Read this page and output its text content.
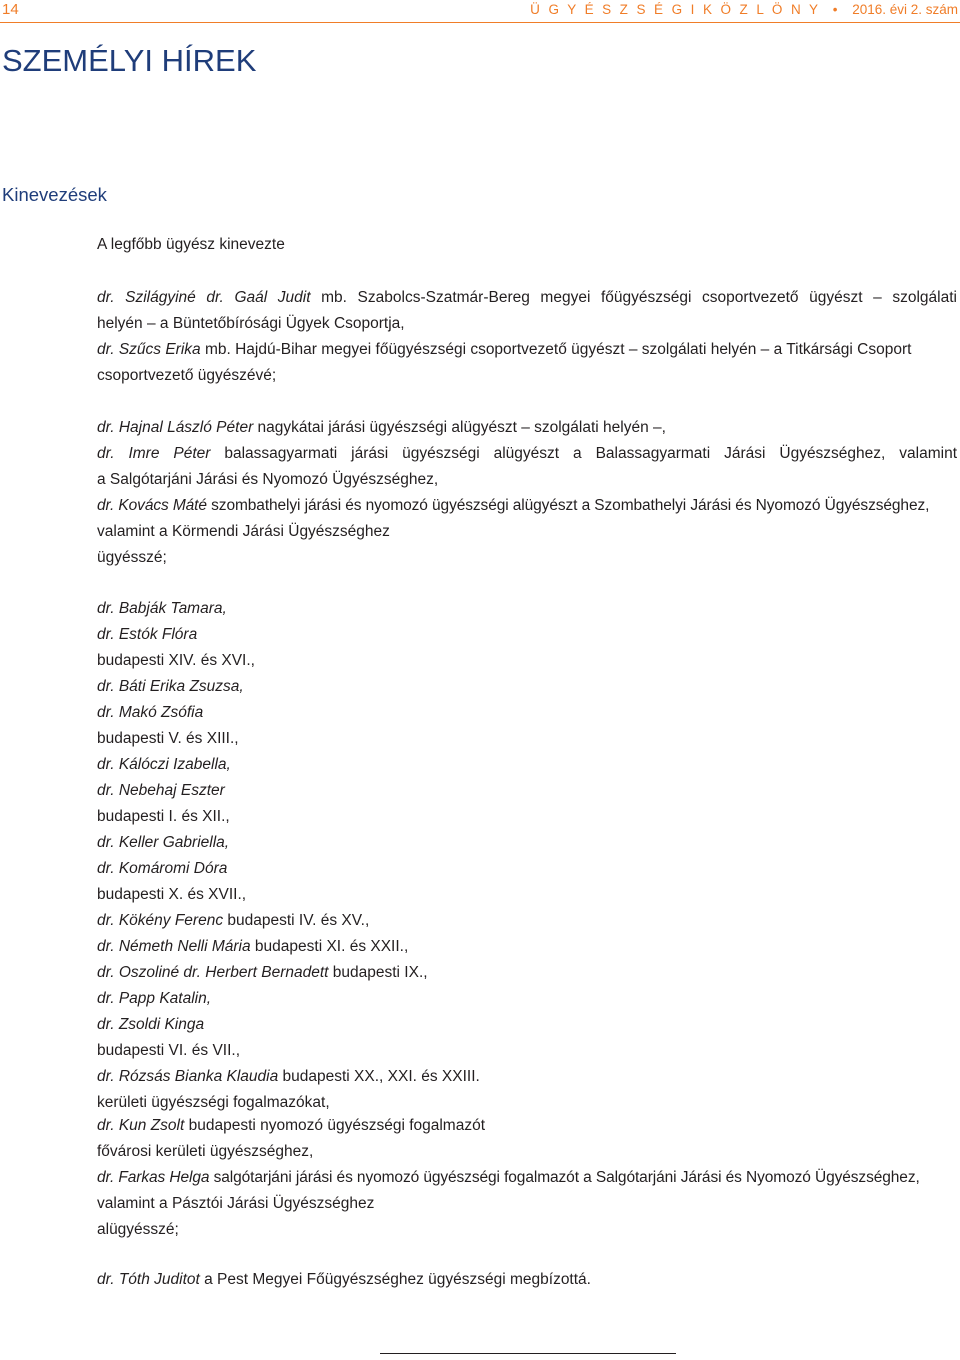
14	Ü G Y É S Z S É G I K Ö Z L Ö N Y • 2016. évi 2. szám
SZEMÉLYI HÍREK
Kinevezések
A legfőbb ügyész kinevezte
dr. Szilágyiné dr. Gaál Judit mb. Szabolcs-Szatmár-Bereg megyei főügyészségi csoportvezető ügyészt – szolgálati
helyén – a Büntetőbírósági Ügyek Csoportja,
dr. Szűcs Erika mb. Hajdú-Bihar megyei főügyészségi csoportvezető ügyészt – szolgálati helyén – a Titkársági Csoport
csoportvezető ügyészévé;
dr. Hajnal László Péter nagykátai járási ügyészségi alügyészt – szolgálati helyén –,
dr. Imre Péter balassagyarmati járási ügyészségi alügyészt a Balassagyarmati Járási Ügyészséghez, valamint
a Salgótarjáni Járási és Nyomozó Ügyészséghez,
dr. Kovács Máté szombathelyi járási és nyomozó ügyészségi alügyészt a Szombathelyi Járási és Nyomozó Ügyészséghez,
valamint a Körmendi Járási Ügyészséghez
ügyésszé;
dr. Babják Tamara,
dr. Estók Flóra
budapesti XIV. és XVI.,
dr. Báti Erika Zsuzsa,
dr. Makó Zsófia
budapesti V. és XIII.,
dr. Kálóczi Izabella,
dr. Nebehaj Eszter
budapesti I. és XII.,
dr. Keller Gabriella,
dr. Komáromi Dóra
budapesti X. és XVII.,
dr. Kökény Ferenc budapesti IV. és XV.,
dr. Németh Nelli Mária budapesti XI. és XXII.,
dr. Oszoliné dr. Herbert Bernadett budapesti IX.,
dr. Papp Katalin,
dr. Zsoldi Kinga
budapesti VI. és VII.,
dr. Rózsás Bianka Klaudia budapesti XX., XXI. és XXIII.
kerületi ügyészségi fogalmazókat,
dr. Kun Zsolt budapesti nyomozó ügyészségi fogalmazót
fővárosi kerületi ügyészséghez,
dr. Farkas Helga salgótarjáni járási és nyomozó ügyészségi fogalmazót a Salgótarjáni Járási és Nyomozó Ügyészséghez,
valamint a Pásztói Járási Ügyészséghez
alügyésszé;
dr. Tóth Juditot a Pest Megyei Főügyészséghez ügyészségi megbízottá.
